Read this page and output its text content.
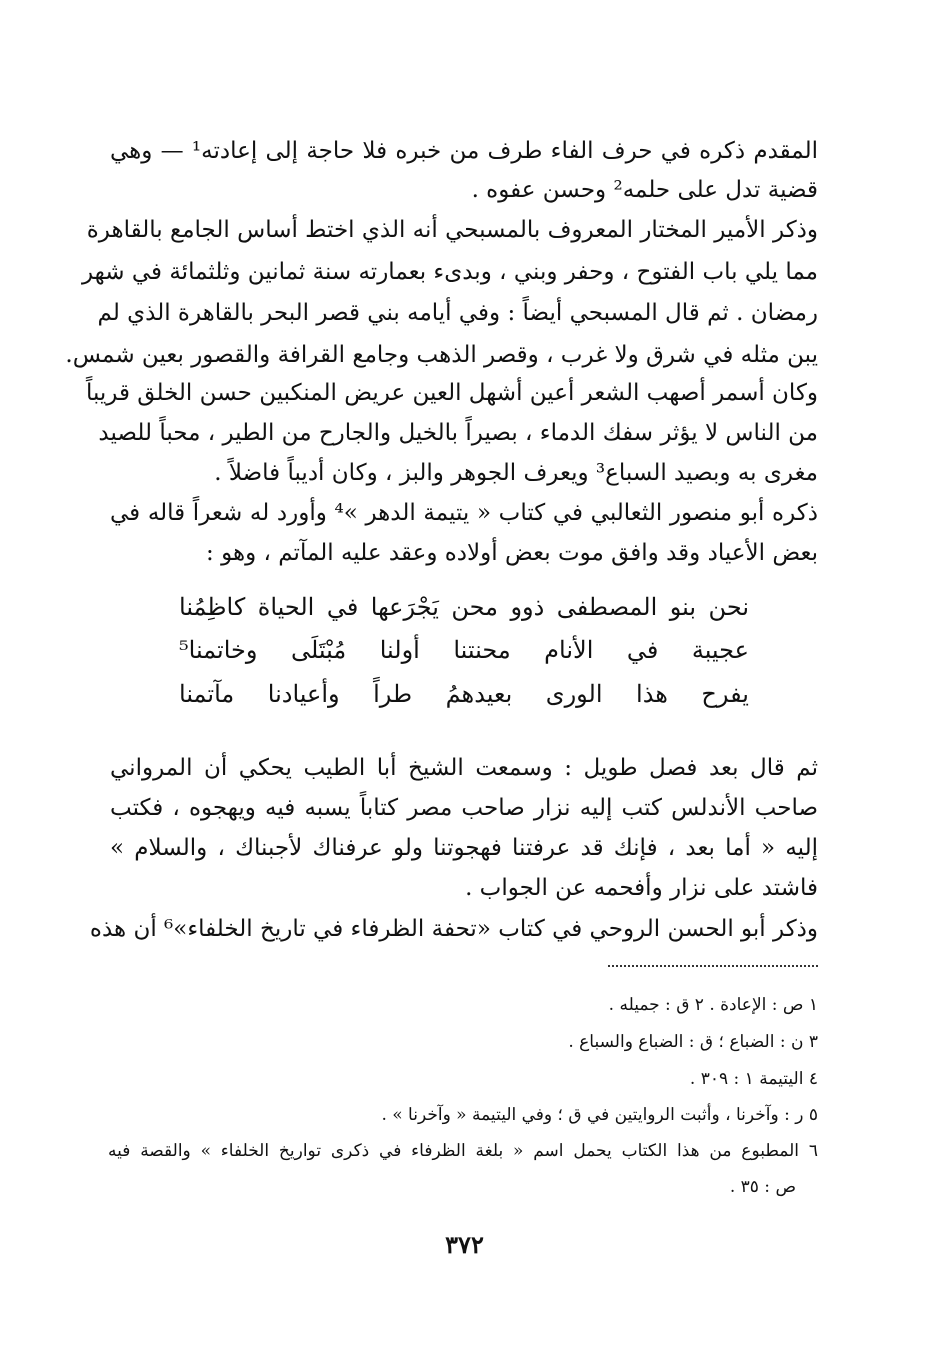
المقدم ذكره في حرف الفاء طرف من خبره فلا حاجة إلى إعادته¹ — وهي
قضية تدل على حلمه² وحسن عفوه .
وذكر الأمير المختار المعروف بالمسبحي أنه الذي اختط أساس الجامع بالقاهرة
مما يلي باب الفتوح ، وحفر وبني ، وبدىء بعمارته سنة ثمانين وثلثمائة في شهر
رمضان . ثم قال المسبحي أيضاً : وفي أيامه بني قصر البحر بالقاهرة الذي لم
يبن مثله في شرق ولا غرب ، وقصر الذهب وجامع القرافة والقصور بعين شمس.
وكان أسمر أصهب الشعر أعين أشهل العين عريض المنكبين حسن الخلق قريباً
من الناس لا يؤثر سفك الدماء ، بصيراً بالخيل والجارح من الطير ، محباً للصيد
مغرى به وبصيد السباع³ ويعرف الجوهر والبز ، وكان أديباً فاضلاً .
ذكره أبو منصور الثعالبي في كتاب « يتيمة الدهر »⁴ وأورد له شعراً قاله في
بعض الأعياد وقد وافق موت بعض أولاده وعقد عليه المآتم ، وهو :
نحن بنو المصطفى ذوو محن يَجْرَعها في الحياة كاظِمُنا
عجيبة في الأنام محنتنا أولنا مُبْتَلَى وخاتمنا⁵
يفرح هذا الورى بعيدهمُ طراً وأعيادنا مآتمنا
ثم قال بعد فصل طويل : وسمعت الشيخ أبا الطيب يحكي أن المرواني
صاحب الأندلس كتب إليه نزار صاحب مصر كتاباً يسبه فيه ويهجوه ، فكتب
إليه « أما بعد ، فإنك قد عرفتنا فهجوتنا ولو عرفناك لأجبناك ، والسلام »
فاشتد على نزار وأفحمه عن الجواب .
وذكر أبو الحسن الروحي في كتاب «تحفة الظرفاء في تاريخ الخلفاء»⁶ أن هذه
١ ص : الإعادة . ٢ ق : جميله .
٣ ن : الضباع ؛ ق : الضباع والسباع .
٤ اليتيمة ١ : ٣٠٩ .
٥ ر : وآخرنا ، وأثبت الروايتين في ق ؛ وفي اليتيمة « وآخرنا » .
٦ المطبوع من هذا الكتاب يحمل اسم « بلغة الظرفاء في ذكرى تواريخ الخلفاء » والقصة فيه
ص : ٣٥ .
٣٧٢
